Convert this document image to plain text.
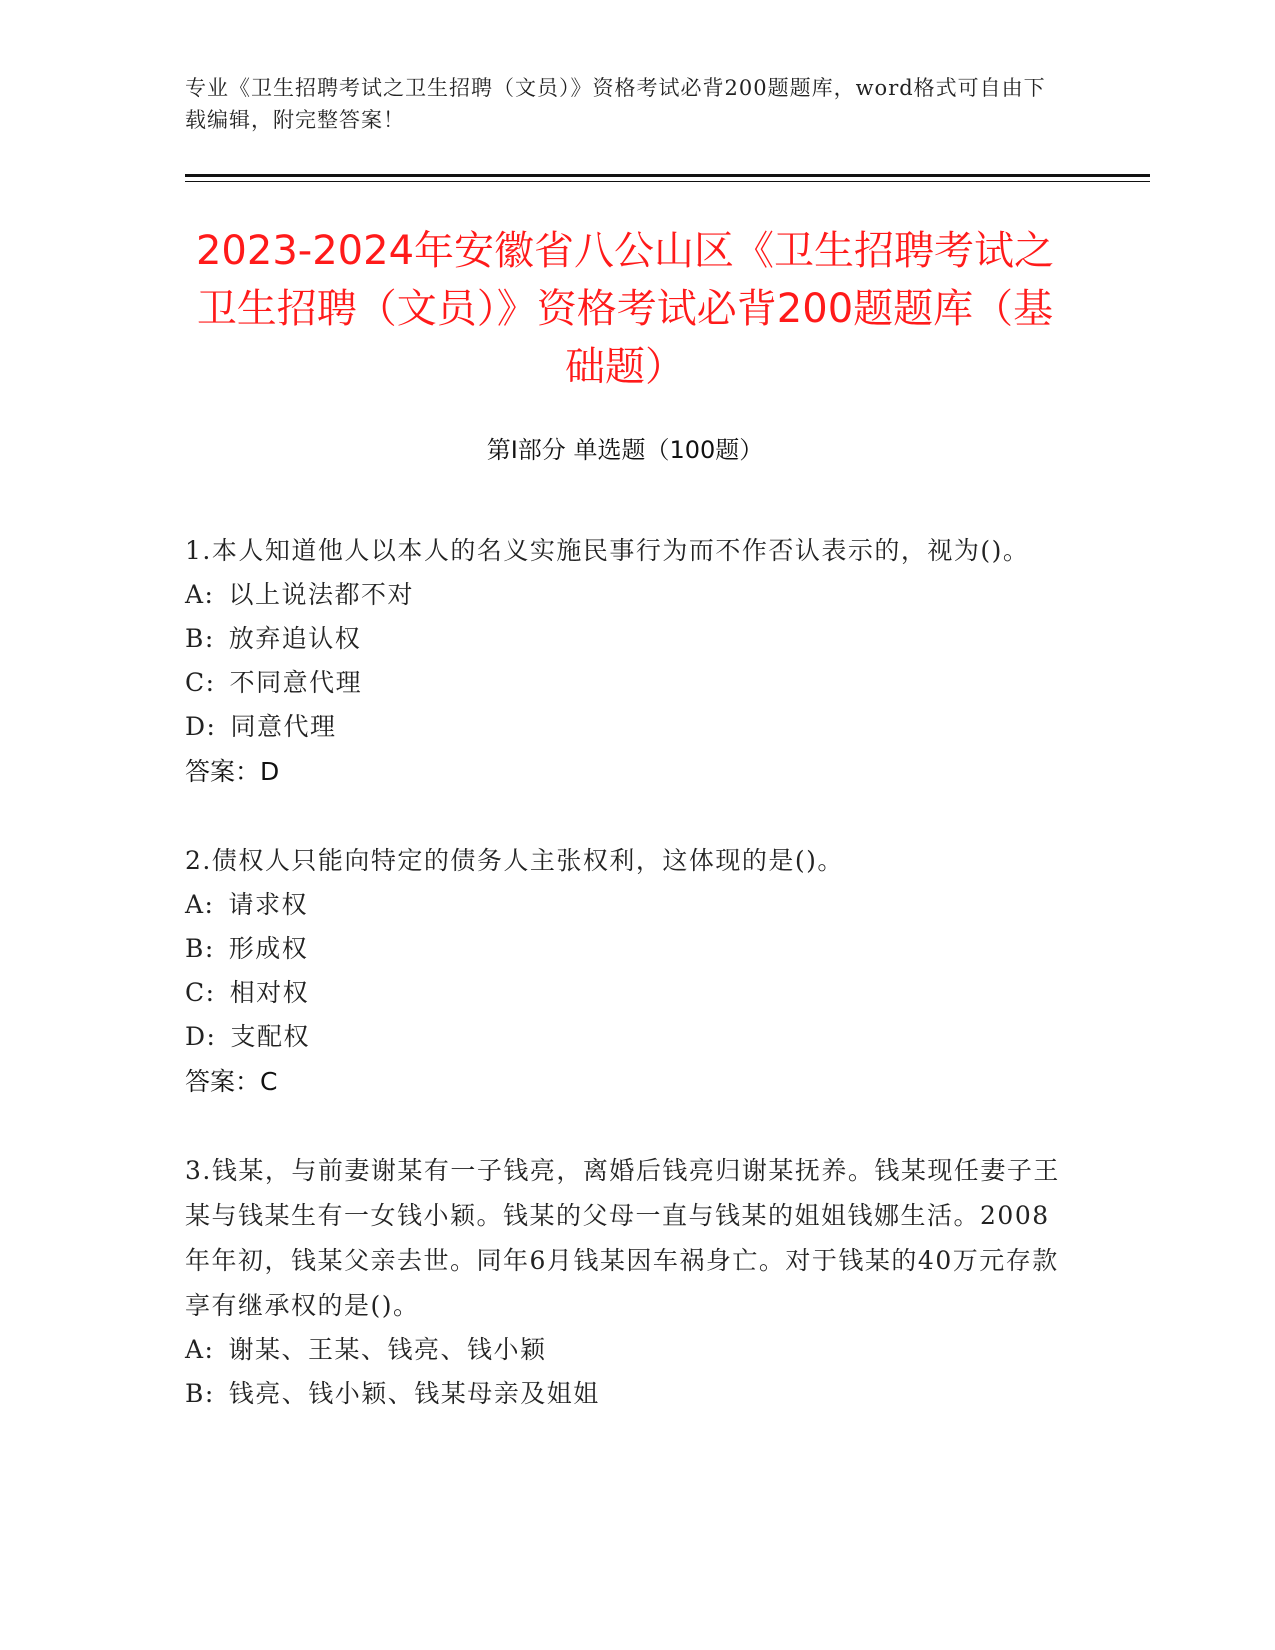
专业《卫生招聘考试之卫生招聘（文员）》资格考试必背200题题库，word格式可自由下载编辑，附完整答案！
2023-2024年安徽省八公山区《卫生招聘考试之卫生招聘（文员）》资格考试必背200题题库（基础题）
第Ⅰ部分 单选题（100题）
1.本人知道他人以本人的名义实施民事行为而不作否认表示的，视为()。
A: 以上说法都不对
B: 放弃追认权
C: 不同意代理
D: 同意代理
答案：D
2.债权人只能向特定的债务人主张权利，这体现的是()。
A: 请求权
B: 形成权
C: 相对权
D: 支配权
答案：C
3.钱某，与前妻谢某有一子钱亮，离婚后钱亮归谢某抚养。钱某现任妻子王某与钱某生有一女钱小颖。钱某的父母一直与钱某的姐姐钱娜生活。2008年年初，钱某父亲去世。同年6月钱某因车祸身亡。对于钱某的40万元存款享有继承权的是()。
A: 谢某、王某、钱亮、钱小颖
B: 钱亮、钱小颖、钱某母亲及姐姐
